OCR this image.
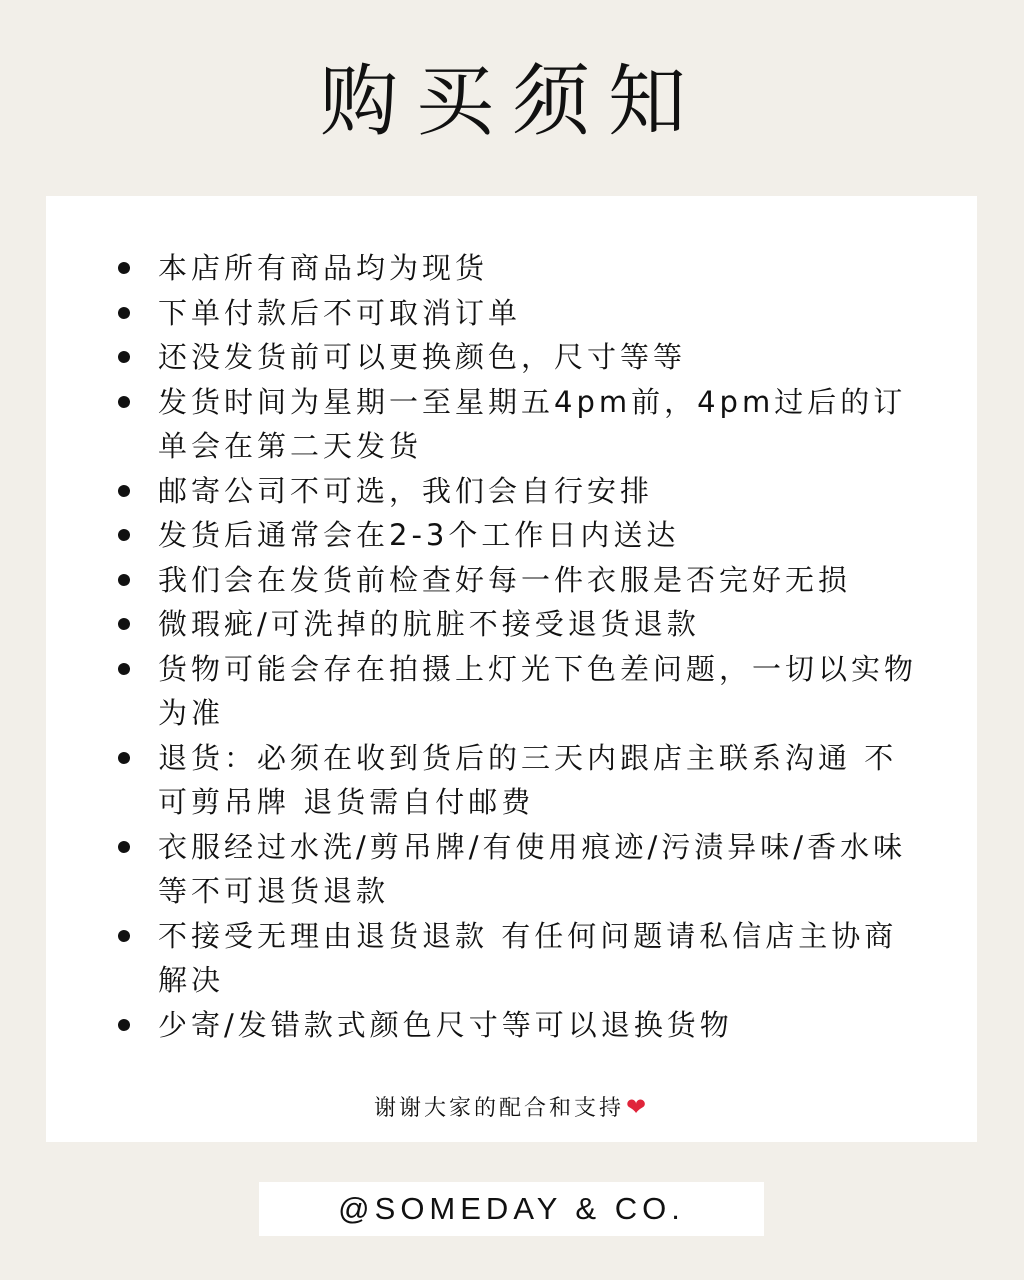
购买须知
本店所有商品均为现货
下单付款后不可取消订单
还没发货前可以更换颜色，尺寸等等
发货时间为星期一至星期五4pm前，4pm过后的订单会在第二天发货
邮寄公司不可选，我们会自行安排
发货后通常会在2-3个工作日内送达
我们会在发货前检查好每一件衣服是否完好无损
微瑕疵/可洗掉的肮脏不接受退货退款
货物可能会存在拍摄上灯光下色差问题，一切以实物为准
退货：必须在收到货后的三天内跟店主联系沟通 不可剪吊牌 退货需自付邮费
衣服经过水洗/剪吊牌/有使用痕迹/污渍异味/香水味等不可退货退款
不接受无理由退货退款 有任何问题请私信店主协商解决
少寄/发错款式颜色尺寸等可以退换货物
谢谢大家的配合和支持❤
@SOMEDAY & CO.
